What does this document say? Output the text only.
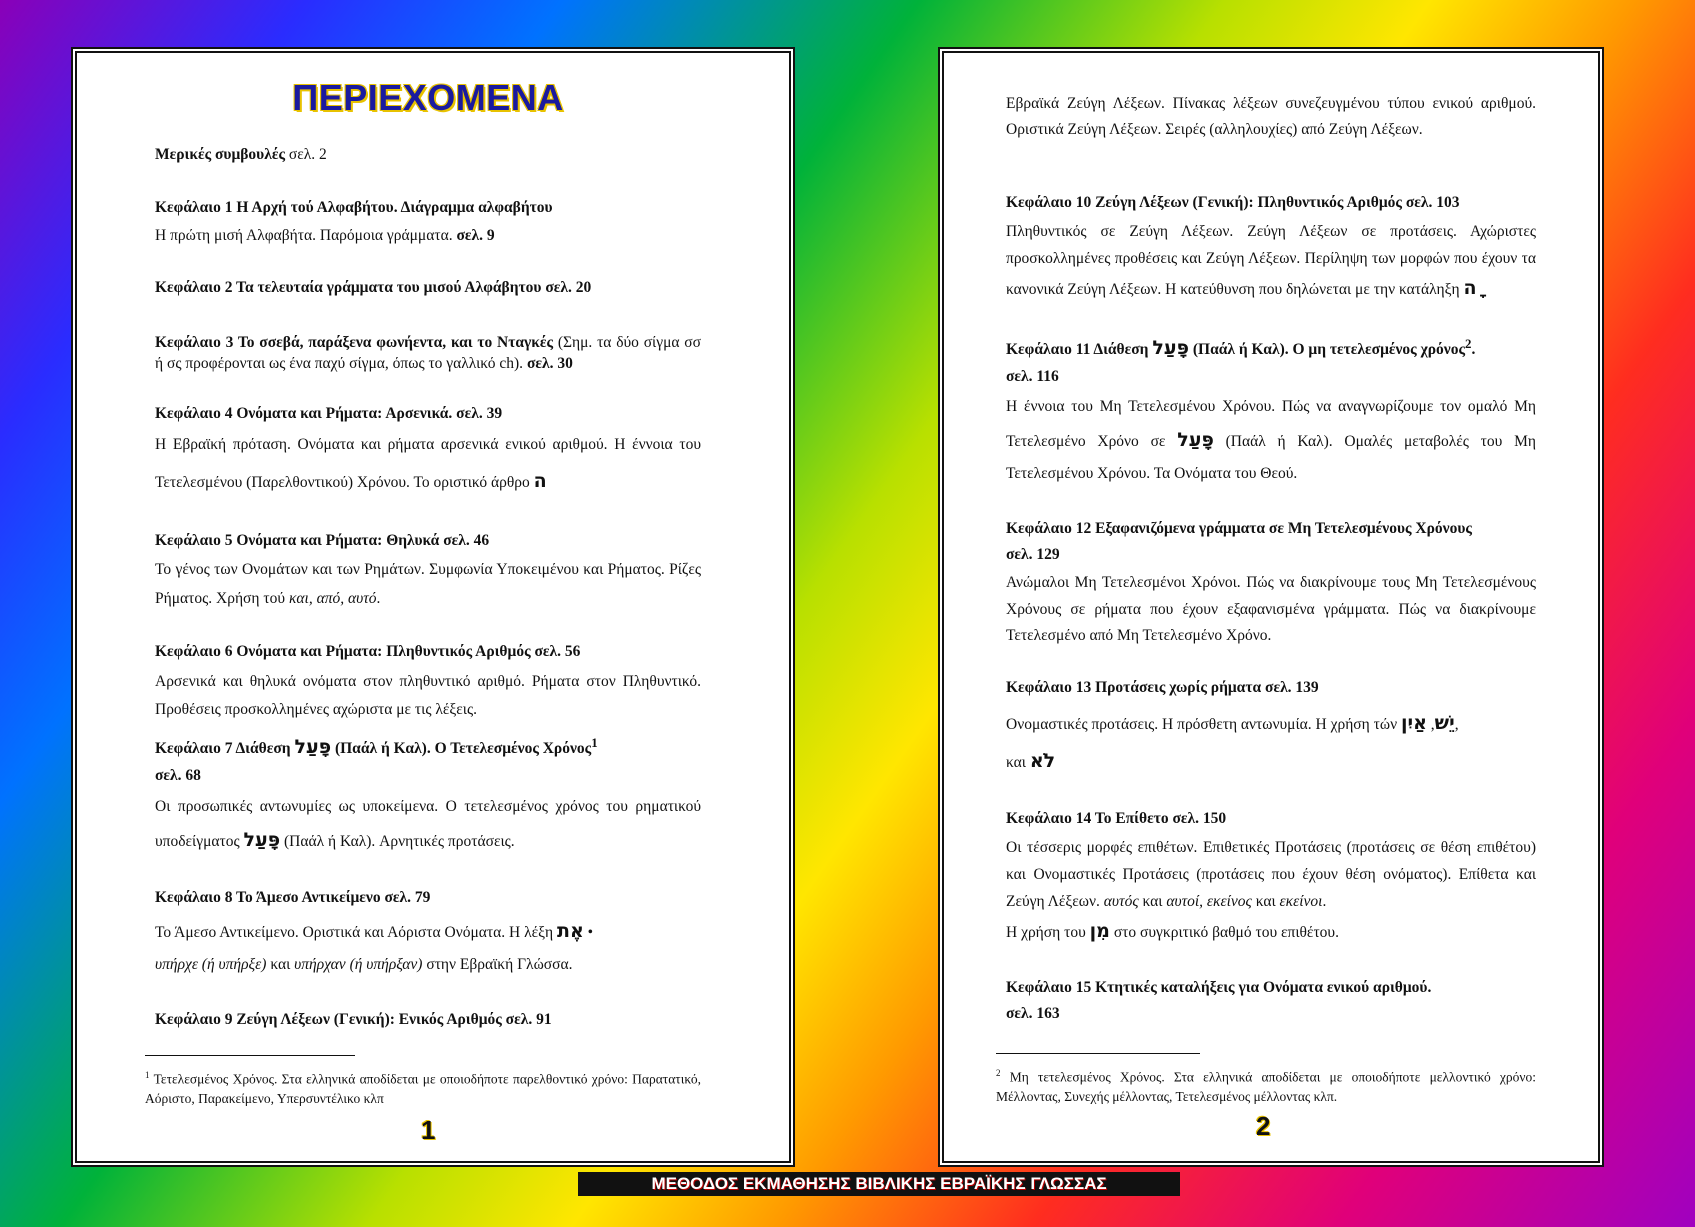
ΠΕΡΙΕΧΟΜΕΝΑ
Μερικές συμβουλές σελ. 2
Κεφάλαιο 1 Η Αρχή τού Αλφαβήτου. Διάγραμμα αλφαβήτου
Η πρώτη μισή Αλφαβήτα. Παρόμοια γράμματα. σελ. 9
Κεφάλαιο 2 Τα τελευταία γράμματα του μισού Αλφάβητου σελ. 20
Κεφάλαιο 3 Το σσεβά, παράξενα φωνήεντα, και το Νταγκές (Σημ. τα δύο σίγμα σσ ή σς προφέρονται ως ένα παχύ σίγμα, όπως το γαλλικό ch). σελ. 30
Κεφάλαιο 4 Ονόματα και Ρήματα: Αρσενικά. σελ. 39
Η Εβραϊκή πρόταση. Ονόματα και ρήματα αρσενικά ενικού αριθμού. Η έννοια του Τετελεσμένου (Παρελθοντικού) Χρόνου. Το οριστικό άρθρο ה
Κεφάλαιο 5 Ονόματα και Ρήματα: Θηλυκά σελ. 46
Το γένος των Ονομάτων και των Ρημάτων. Συμφωνία Υποκειμένου και Ρήματος. Ρίζες Ρήματος. Χρήση τού και, από, αυτό.
Κεφάλαιο 6 Ονόματα και Ρήματα: Πληθυντικός Αριθμός σελ. 56
Αρσενικά και θηλυκά ονόματα στον πληθυντικό αριθμό. Ρήματα στον Πληθυντικό. Προθέσεις προσκολλημένες αχώριστα με τις λέξεις.
Κεφάλαιο 7 Διάθεση פָּעַל (Παάλ ή Καλ). Ο Τετελεσμένος Χρόνος$^1$
σελ. 68
Οι προσωπικές αντωνυμίες ως υποκείμενα. Ο τετελεσμένος χρόνος του ρηματικού υποδείγματος פָּעַל (Παάλ ή Καλ). Αρνητικές προτάσεις.
Κεφάλαιο 8 Το Άμεσο Αντικείμενο σελ. 79
Το Άμεσο Αντικείμενο. Οριστικά και Αόριστα Ονόματα. Η λέξη אֶת •
υπήρχε (ή υπήρξε) και υπήρχαν (ή υπήρξαν) στην Εβραϊκή Γλώσσα.
Κεφάλαιο 9 Ζεύγη Λέξεων (Γενική): Ενικός Αριθμός σελ. 91
$^1$ Τετελεσμένος Χρόνος. Στα ελληνικά αποδίδεται με οποιοδήποτε παρελθοντικό χρόνο: Παρατατικό, Αόριστο, Παρακείμενο, Υπερσυντέλικο κλπ
1
Εβραϊκά Ζεύγη Λέξεων. Πίνακας λέξεων συνεζευγμένου τύπου ενικού αριθμού. Οριστικά Ζεύγη Λέξεων. Σειρές (αλληλουχίες) από Ζεύγη Λέξεων.
Κεφάλαιο 10 Ζεύγη Λέξεων (Γενική): Πληθυντικός Αριθμός σελ. 103
Πληθυντικός σε Ζεύγη Λέξεων. Ζεύγη Λέξεων σε προτάσεις. Αχώριστες προσκολλημένες προθέσεις και Ζεύγη Λέξεων. Περίληψη των μορφών που έχουν τα κανονικά Ζεύγη Λέξεων. Η κατεύθυνση που δηλώνεται με την κατάληξη ה ָ
Κεφάλαιο 11 Διάθεση פָּעַל (Παάλ ή Καλ). Ο μη τετελεσμένος χρόνος$^2$.
σελ. 116
Η έννοια του Μη Τετελεσμένου Χρόνου. Πώς να αναγνωρίζουμε τον ομαλό Μη Τετελεσμένο Χρόνο σε פָּעַל (Παάλ ή Καλ). Ομαλές μεταβολές του Μη Τετελεσμένου Χρόνου. Τα Ονόματα του Θεού.
Κεφάλαιο 12 Εξαφανιζόμενα γράμματα σε Μη Τετελεσμένους Χρόνους
σελ. 129
Ανώμαλοι Μη Τετελεσμένοι Χρόνοι. Πώς να διακρίνουμε τους Μη Τετελεσμένους Χρόνους σε ρήματα που έχουν εξαφανισμένα γράμματα. Πώς να διακρίνουμε Τετελεσμένο από Μη Τετελεσμένο Χρόνο.
Κεφάλαιο 13 Προτάσεις χωρίς ρήματα σελ. 139
Ονομαστικές προτάσεις. Η πρόσθετη αντωνυμία. Η χρήση τών יֵשׁ, אַיִן ,
και לֹא
Κεφάλαιο 14 Το Επίθετο σελ. 150
Οι τέσσερις μορφές επιθέτων. Επιθετικές Προτάσεις (προτάσεις σε θέση επιθέτου) και Ονομαστικές Προτάσεις (προτάσεις που έχουν θέση ονόματος). Επίθετα και Ζεύγη Λέξεων. αυτός και αυτοί, εκείνος και εκείνοι.
Η χρήση του מִן στο συγκριτικό βαθμό του επιθέτου.
Κεφάλαιο 15 Κτητικές καταλήξεις για Ονόματα ενικού αριθμού.
σελ. 163
$^2$ Μη τετελεσμένος Χρόνος. Στα ελληνικά αποδίδεται με οποιοδήποτε μελλοντικό χρόνο: Μέλλοντας, Συνεχής μέλλοντας, Τετελεσμένος μέλλοντας κλπ.
2
ΜΕΘΟΔΟΣ ΕΚΜΑΘΗΣΗΣ ΒΙΒΛΙΚΗΣ ΕΒΡΑΪΚΗΣ ΓΛΩΣΣΑΣ
